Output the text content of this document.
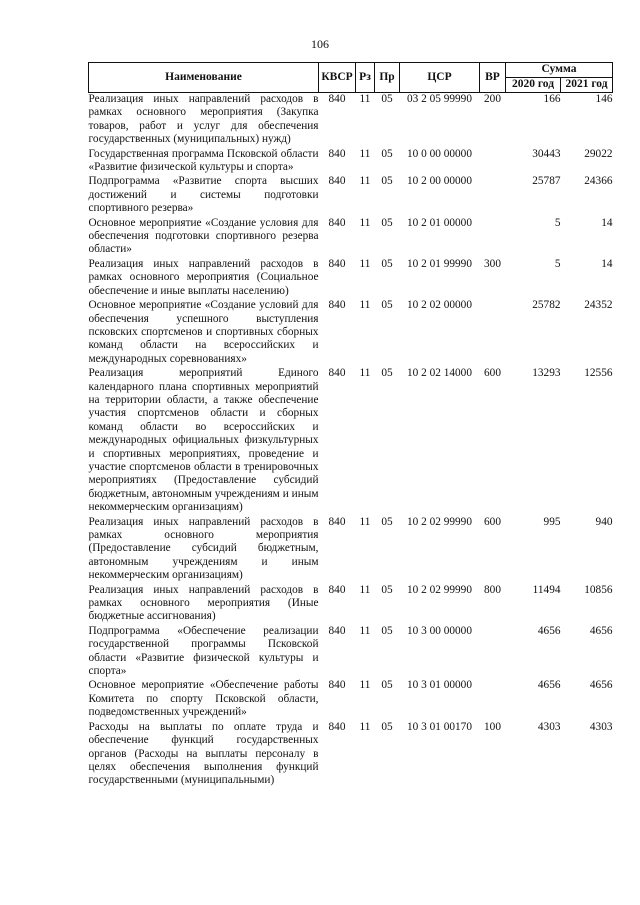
106
Наименование	КВСР	Рз	Пр	ЦСР	ВР	Сумма	
						2020 год	2021 год
Реализация иных направлений расходов в рамках основного мероприятия (Закупка товаров, работ и услуг для обеспечения государственных (муниципальных) нужд)	840	11	05	03 2 05 99990	200	166	146
Государственная программа Псковской области «Развитие физической культуры и спорта»	840	11	05	10 0 00 00000		30443	29022
Подпрограмма «Развитие спорта высших достижений и системы подготовки спортивного резерва»	840	11	05	10 2 00 00000		25787	24366
Основное мероприятие «Создание условия для обеспечения подготовки спортивного резерва области»	840	11	05	10 2 01 00000		5	14
Реализация иных направлений расходов в рамках основного мероприятия (Социальное обеспечение и иные выплаты населению)	840	11	05	10 2 01 99990	300	5	14
Основное мероприятие «Создание условий для обеспечения успешного выступления псковских спортсменов и спортивных сборных команд области на всероссийских и международных соревнованиях»	840	11	05	10 2 02 00000		25782	24352
Реализация мероприятий Единого календарного плана спортивных мероприятий на территории области, а также обеспечение участия спортсменов области и сборных команд области во всероссийских и международных официальных физкультурных и спортивных мероприятиях, проведение и участие спортсменов области в тренировочных мероприятиях (Предоставление субсидий бюджетным, автономным учреждениям и иным некоммерческим организациям)	840	11	05	10 2 02 14000	600	13293	12556
Реализация иных направлений расходов в рамках основного мероприятия (Предоставление субсидий бюджетным, автономным учреждениям и иным некоммерческим организациям)	840	11	05	10 2 02 99990	600	995	940
Реализация иных направлений расходов в рамках основного мероприятия (Иные бюджетные ассигнования)	840	11	05	10 2 02 99990	800	11494	10856
Подпрограмма «Обеспечение реализации государственной программы Псковской области «Развитие физической культуры и спорта»	840	11	05	10 3 00 00000		4656	4656
Основное мероприятие «Обеспечение работы Комитета по спорту Псковской области, подведомственных учреждений»	840	11	05	10 3 01 00000		4656	4656
Расходы на выплаты по оплате труда и обеспечение функций государственных органов (Расходы на выплаты персоналу в целях обеспечения выполнения функций государственными (муниципальными)	840	11	05	10 3 01 00170	100	4303	4303
